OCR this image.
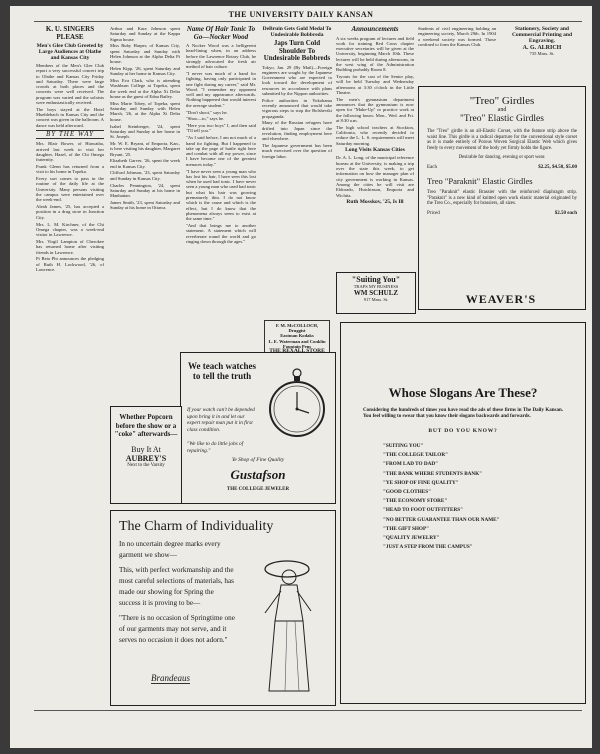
THE UNIVERSITY DAILY KANSAN
K. U. SINGERS PLEASE
Men's Glee Club Greeted by Large Audiences at Olathe and Kansas City

Members of the Men's Glee Club report a very successful concert trip to Olathe and Kansas City Friday and Saturday. There were large crowds at both places and the concerts were well received. The program was varied and the soloists were enthusiastically received.

The boys stayed at the Hotel Muehlebach in Kansas City and the concert was given in the ballroom. A dance was held afterward.

BY THE WAY

Mrs. Blair Bower, of Hiawatha, arrived last week to visit her daughter, Hazel, of the Chi Omega fraternity.

Frank Glenn has returned from a visit to his home in Topeka.

Every sort comes to pass in the routine of the daily life at the University. Many persons visiting the campus were entertained over the week-end.

Aleah James, '25, has accepted a position in a drug store in Junction City.

Mrs. L. M. Kirchner, of the Chi Omega chapter, was a week-end visitor in Lawrence.

Mrs. Virgil Lampton of Cherokee has returned home after visiting friends in Lawrence.

Pi Beta Phi announces the pledging of Ruth H. Lockwood, '26, of Lawrence.

Arthur and Kara Johnson spent Saturday and Sunday at the Kappa Sigma house.

Miss Ruby Harper, of Kansas City, spent Saturday and Sunday with Helen Johnson at the Alpha Delta Pi house.

Helen Kipp, '26, spent Saturday and Sunday at her home in Kansas City.

Miss Eva Clark, who is attending Washburn College at Topeka, spent the week end at the Alpha Xi Delta house as the guest of Edna Bailey.

Miss Marie Tobey, of Topeka, spent Saturday and Sunday with Helen Marsh, '26, at the Alpha Xi Delta house.

Isabel Steinberger, '24, spent Saturday and Sunday at her home in St. Joseph.

Mr. W. E. Bryant, of Emporia, Kan., is here visiting his daughter, Margaret Bryant, '25.

Elizabeth Garver, '26, spent the week end in Kansas City.

Clifford Johnson, '23, spent Saturday and Sunday in Kansas City.

Charles Pennington, '24, spent Saturday and Sunday at his home in Manhattan.

James Smith, '23, spent Saturday and Sunday at his home in Ottawa.

Name Of Hair Tonic To Go—Nocker Wood

A Nocker Wood was a belligerent head-lining when, in an address before the Lawrence Rotary Club, he strongly advocated the fresh air method of hair culture.

"I never was much of a hand for fighting, having only participated in one fight during my career," said Mr. Wood. "I remember my opponent well and my appearance afterwards. Nothing happened that would interest the average student."

"Don't shoot," says he.

"Shoo—to," says he.

"Here you two boys" I, and then said "I'll tell you."

"As I said before, I am not much of a hand for fighting. But I happened to take up the page of battle right here and combat with all my power, since I have become one of the greatest menaces today."

"I have never seen a young man who has lost his hair, I have seen this lost when he used bad tonic. I have never seen a young man who used bad tonic but what his hair was growing prematurely thin. I do not know which is the cause and which is the effect, but I do know that the phenomena always seem to exist at the same time."

"And that brings me to another statement. A statement which will reverberate round the world and go ringing down through the ages."

DeBruin Gets Gold Medal To Undesirable Bobbreda
Japs Turn Cold Shoulder To Undesirable Bobbreds

Tokyo, Jan. 29 (By Mail)—Foreign engineers are sought by the Japanese Government who are expected to look toward the development of resources in accordance with plans submitted by the Nippon authorities.

Police authorities in Yokohama recently announced that would take vigorous steps to stop the Bolsheviki propaganda.

Many of the Russian refugees have drifted into Japan since the revolution, finding employment here and elsewhere.

The Japanese government has been much exercised over the question of foreign labor.

Announcements

A six weeks program of lectures and field work for training Red Cross chapter executive secretaries will be given at the University, beginning March 10th. These lectures will be held during afternoons, in the west wing of the Administration Building probably Room 8.

Tryouts for the cast of the Senior play, will be held Tuesday and Wednesday afternoons at 3:30 o'clock in the Little Theatre.

The men's gymnasium department announces that the gymnasium is now open for "Make-Up" or practice work at the following hours: Mon., Wed. and Fri. at 8:30 a.m.

The high school teachers at Stockton, California, who recently decided to reduce the L. L. S. requirements will meet Saturday morning.

Long Visits Kansas Cities

Dr. A. L. Long, of the municipal reference bureau at the University, is making a trip over the state this week, to get information on how the manager plan of city government is working in Kansas. Among the cities he will visit are Eldorado, Hutchinson, Emporia and Wichita.

Ruth Mosskov, '25, Is Ill

Students of civil engineering holding an engineering society, March 29th. In 1904 a weekend society was formed. Those confined to form the Kansas Club.

Stationery, Society and Commercial Printing and Engraving.
A. G. ALRICH
735 Mass. St.
"Treo" Girdles
and
"Treo" Elastic Girdles
The "Treo" girdle is an all-Elastic Corset, with the feature strip above the waist line. This girdle is a radical departure for the conventional style corset as it is made entirely of Porous Woven Surgical Elastic Web which gives freely to every movement of the body yet firmly holds the figure.
Desirable for dancing, evening or sport wear.
Each	$2.25, $4.50, $5.00
Treo "Paraknit" Elastic Girdles
Treo "Paraknit" elastic Brassier with the reinforced diaphragm strip. "Paraknit" is a new kind of knitted open work elastic material originated by the Treo Co., especially for brassiers, all sizes.
Priced	$2.50 each
WEAVER'S
"Suiting You"
TRAPS MY BUSINESS
WM SCHULZ
917 Mass. St.
F. M. McCOLLOCH, Druggist
Eastman Kodaks
L. E. Waterman and Conklin
Fountain Pens
We teach watches to tell the truth
If your watch can't be depended upon bring it in and let our expert repair man put it in first class condition.
"We like to do little jobs of repairing."
Ye Shop of Fine Quality
Gustafson
THE COLLEGE JEWELER
Whether Popcorn before the show or a "coke" afterwards—
Buy It At
AUBREY'S
Next to the Varsity
Whose Slogans Are These?
Considering the hundreds of times you have read the ads of these firms in The Daily Kansan. You feel willing to swear that you know their slogans backwards and forwards.
BUT DO YOU KNOW?
"SUITING YOU"
"THE COLLEGE TAILOR"
"FROM LAD TO DAD"
"THE BANK WHERE STUDENTS BANK"
"YE SHOP OF FINE QUALITY"
"GOOD CLOTHES"
"THE ECONOMY STORE"
"HEAD TO FOOT OUTFITTERS"
"NO BETTER GUARANTEE THAN OUR NAME"
"THE GIFT SHOP"
"QUALITY JEWELRY"
"JUST A STEP FROM THE CAMPUS"
The Charm of Individuality
In no uncertain degree marks every garment we show—
This, with perfect workmanship and the most careful selections of materials, has made our showing for Spring the success it is proving to be—
"There is no occasion of Springtime one of our garments may not serve, and it serves no occasion it does not adorn."
Brandeaus
